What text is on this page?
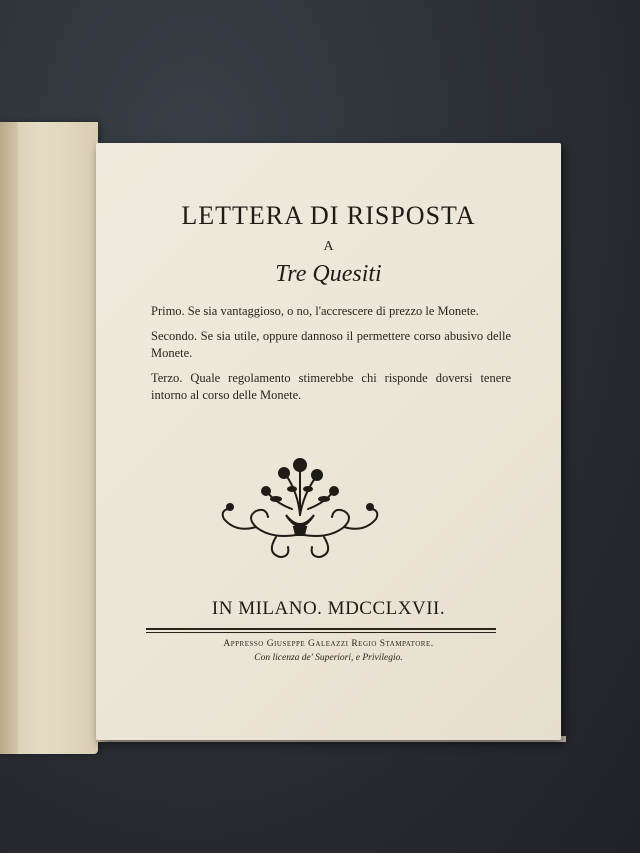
LETTERA DI RISPOSTA
A
Tre Quesiti

Primo. Se sia vantaggioso, o no, l'accrescere di prezzo le Monete.

Secondo. Se sia utile, oppure dannoso il permettere corso abusivo delle Monete.

Terzo. Quale regolamento stimerebbe chi risponde doversi tenere intorno al corso delle Monete.

IN MILANO. MDCCLXVII.
Appresso Giuseppe Galeazzi Regio Stampatore.
Con licenza de' Superiori, e Privilegio.
